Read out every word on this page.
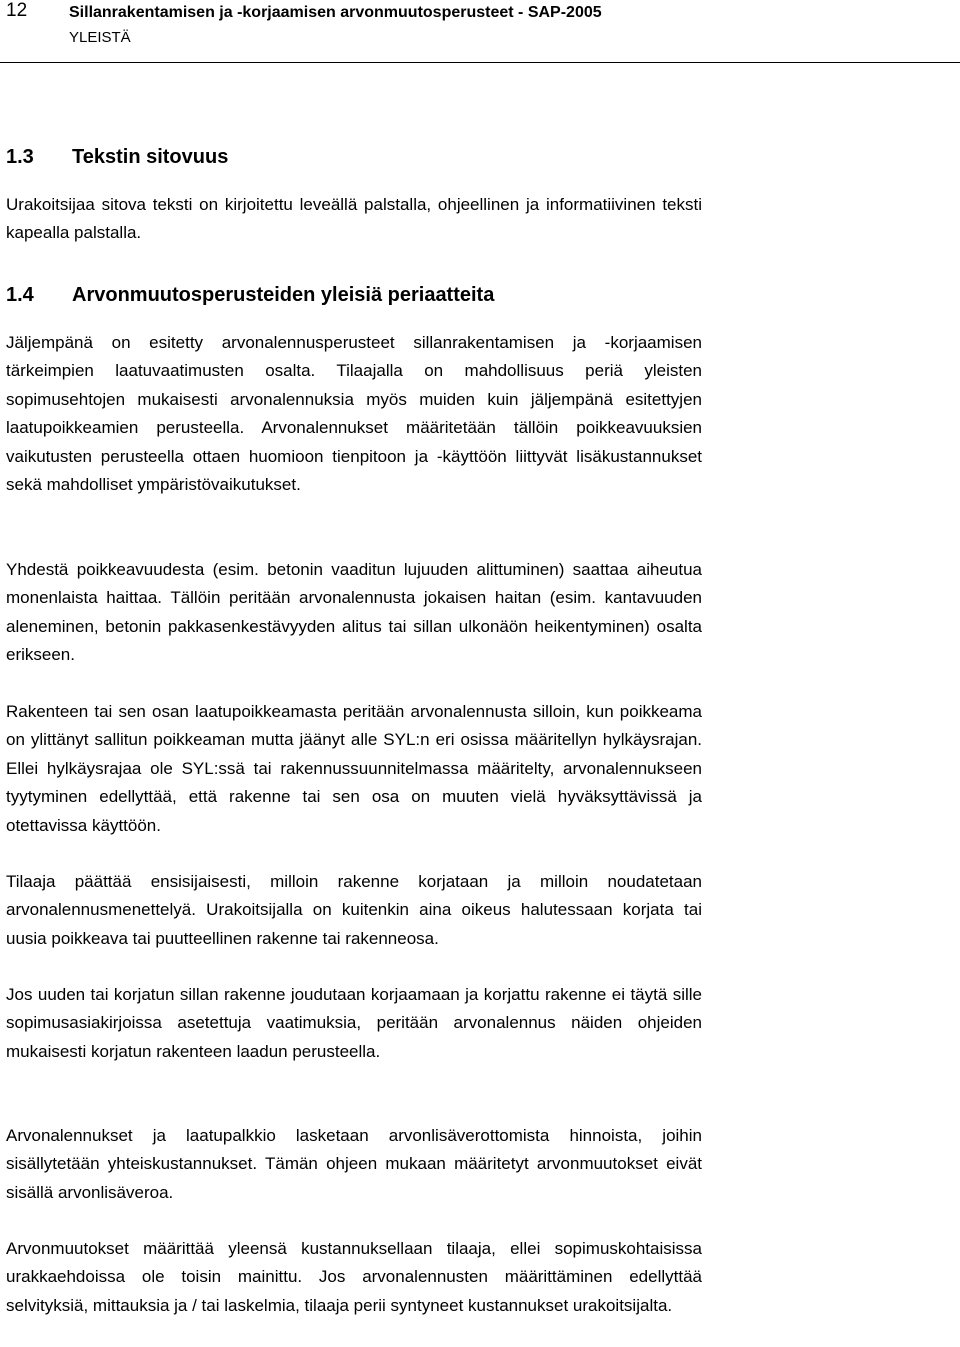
12	Sillanrakentamisen ja -korjaamisen arvonmuutosperusteet - SAP-2005
YLEISTÄ
1.3 Tekstin sitovuus
Urakoitsijaa sitova teksti on kirjoitettu leveällä palstalla, ohjeellinen ja informatiivinen teksti kapealla palstalla.
1.4 Arvonmuutosperusteiden yleisiä periaatteita
Jäljempänä on esitetty arvonalennusperusteet sillanrakentamisen ja -korjaamisen tärkeimpien laatuvaatimusten osalta. Tilaajalla on mahdollisuus periä yleisten sopimusehtojen mukaisesti arvonalennuksia myös muiden kuin jäljempänä esitettyjen laatupoikkeamien perusteella. Arvonalennukset määritetään tällöin poikkeavuuksien vaikutusten perusteella ottaen huomioon tienpitoon ja -käyttöön liittyvät lisäkustannukset sekä mahdolliset ympäristövaikutukset.
Yhdestä poikkeavuudesta (esim. betonin vaaditun lujuuden alittuminen) saattaa aiheutua monenlaista haittaa. Tällöin peritään arvonalennusta jokaisen haitan (esim. kantavuuden aleneminen, betonin pakkasenkestävyyden alitus tai sillan ulkonäön heikentyminen) osalta erikseen.
Rakenteen tai sen osan laatupoikkeamasta peritään arvonalennusta silloin, kun poikkeama on ylittänyt sallitun poikkeaman mutta jäänyt alle SYL:n eri osissa määritellyn hylkäysrajan. Ellei hylkäysrajaa ole SYL:ssä tai rakennussuunnitelmassa määritelty, arvonalennukseen tyytyminen edellyttää, että rakenne tai sen osa on muuten vielä hyväksyttävissä ja otettavissa käyttöön.
Tilaaja päättää ensisijaisesti, milloin rakenne korjataan ja milloin noudatetaan arvonalennusmenettelyä. Urakoitsijalla on kuitenkin aina oikeus halutessaan korjata tai uusia poikkeava tai puutteellinen rakenne tai rakenneosa.
Jos uuden tai korjatun sillan rakenne joudutaan korjaamaan ja korjattu rakenne ei täytä sille sopimusasiakirjoissa asetettuja vaatimuksia, peritään arvonalennus näiden ohjeiden mukaisesti korjatun rakenteen laadun perusteella.
Arvonalennukset ja laatupalkkio lasketaan arvonlisäverottomista hinnoista, joihin sisällytetään yhteiskustannukset. Tämän ohjeen mukaan määritetyt arvonmuutokset eivät sisällä arvonlisäveroa.
Arvonmuutokset määrittää yleensä kustannuksellaan tilaaja, ellei sopimuskohtaisissa urakkaehdoissa ole toisin mainittu. Jos arvonalennusten määrittäminen edellyttää selvityksiä, mittauksia ja / tai laskelmia, tilaaja perii syntyneet kustannukset urakoitsijalta.
